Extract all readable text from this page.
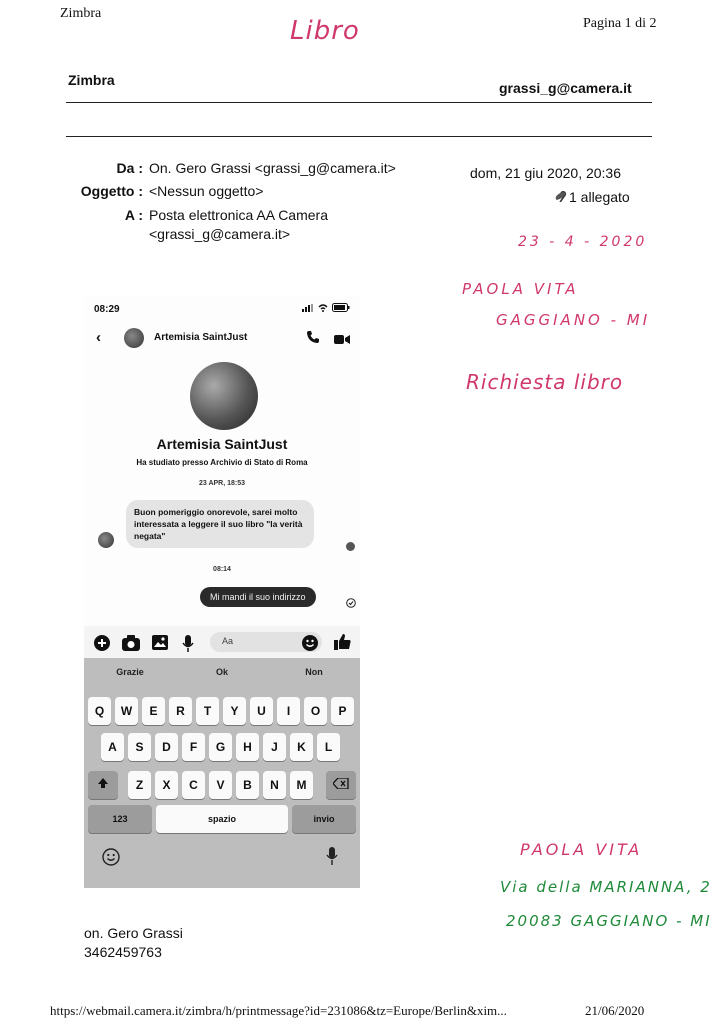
Zimbra
Pagina 1 di 2
Zimbra	grassi_g@camera.it
Da : On. Gero Grassi <grassi_g@camera.it>
Oggetto : <Nessun oggetto>
A : Posta elettronica AA Camera
<grassi_g@camera.it>
dom, 21 giu 2020, 20:36
1 allegato
Libro
23 - 4 - 2020
PAOLA VITA
GAGGIANO - MI
Richiesta libro
PAOLA VITA
Via della MARIANNA, 2
20083 GAGGIANO - MI
08:29
‹	Artemisia SaintJust
Artemisia SaintJust
Ha studiato presso Archivio di Stato di Roma
23 APR, 18:53
Buon pomeriggio onorevole, sarei molto interessata a leggere il suo libro "la verità negata"
08:14
Mi mandi il suo indirizzo
Aa
Grazie	Ok	Non
Q	W	E	R	T	Y	U	I	O	P
A	S	D	F	G	H	J	K	L
Z	X	C	V	B	N	M
123	spazio	invio
on. Gero Grassi
3462459763
https://webmail.camera.it/zimbra/h/printmessage?id=231086&tz=Europe/Berlin&xim...	21/06/2020
